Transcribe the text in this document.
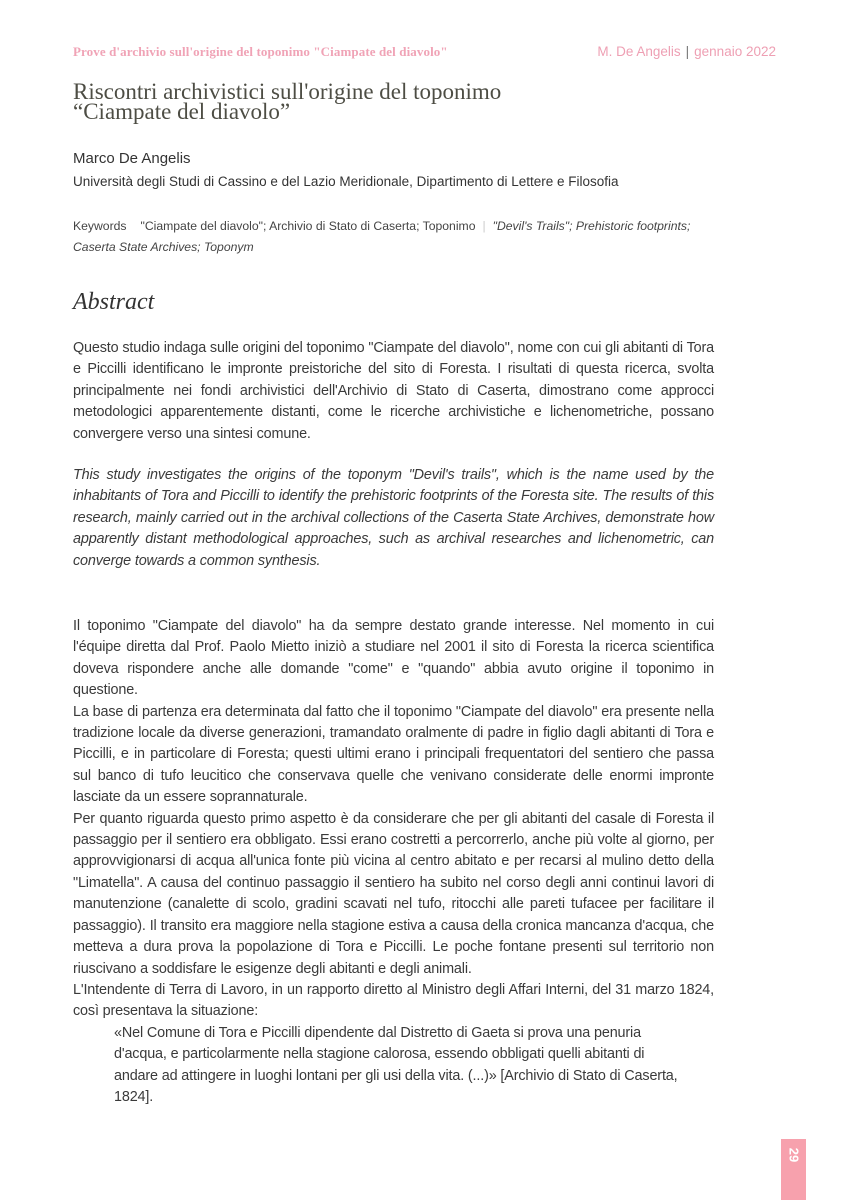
Prove d'archivio sull'origine del toponimo "Ciampate del diavolo"	M. De Angelis | gennaio 2022
Riscontri archivistici sull'origine del toponimo
“Ciampate del diavolo”
Marco De Angelis
Università degli Studi di Cassino e del Lazio Meridionale, Dipartimento di Lettere e Filosofia
Keywords "Ciampate del diavolo"; Archivio di Stato di Caserta; Toponimo | "Devil's Trails"; Prehistoric footprints; Caserta State Archives; Toponym
Abstract
Questo studio indaga sulle origini del toponimo "Ciampate del diavolo", nome con cui gli abitanti di Tora e Piccilli identificano le impronte preistoriche del sito di Foresta. I risultati di questa ricerca, svolta principalmente nei fondi archivistici dell'Archivio di Stato di Caserta, dimostrano come approcci metodologici apparentemente distanti, come le ricerche archivistiche e lichenometriche, possano convergere verso una sintesi comune.
This study investigates the origins of the toponym "Devil's trails", which is the name used by the inhabitants of Tora and Piccilli to identify the prehistoric footprints of the Foresta site. The results of this research, mainly carried out in the archival collections of the Caserta State Archives, demonstrate how apparently distant methodological approaches, such as archival researches and lichenometric, can converge towards a common synthesis.

Il toponimo "Ciampate del diavolo" ha da sempre destato grande interesse. Nel momento in cui l'équipe diretta dal Prof. Paolo Mietto iniziò a studiare nel 2001 il sito di Foresta la ricerca scientifica doveva rispondere anche alle domande "come" e "quando" abbia avuto origine il toponimo in questione.

La base di partenza era determinata dal fatto che il toponimo "Ciampate del diavolo" era presente nella tradizione locale da diverse generazioni, tramandato oralmente di padre in figlio dagli abitanti di Tora e Piccilli, e in particolare di Foresta; questi ultimi erano i principali frequentatori del sentiero che passa sul banco di tufo leucitico che conservava quelle che venivano considerate delle enormi impronte lasciate da un essere soprannaturale.

Per quanto riguarda questo primo aspetto è da considerare che per gli abitanti del casale di Foresta il passaggio per il sentiero era obbligato. Essi erano costretti a percorrerlo, anche più volte al giorno, per approvvigionarsi di acqua all'unica fonte più vicina al centro abitato e per recarsi al mulino detto della "Limatella". A causa del continuo passaggio il sentiero ha subito nel corso degli anni continui lavori di manutenzione (canalette di scolo, gradini scavati nel tufo, ritocchi alle pareti tufacee per facilitare il passaggio). Il transito era maggiore nella stagione estiva a causa della cronica mancanza d'acqua, che metteva a dura prova la popolazione di Tora e Piccilli. Le poche fontane presenti sul territorio non riuscivano a soddisfare le esigenze degli abitanti e degli animali.

L'Intendente di Terra di Lavoro, in un rapporto diretto al Ministro degli Affari Interni, del 31 marzo 1824, così presentava la situazione:

«Nel Comune di Tora e Piccilli dipendente dal Distretto di Gaeta si prova una penuria d'acqua, e particolarmente nella stagione calorosa, essendo obbligati quelli abitanti di andare ad attingere in luoghi lontani per gli usi della vita. (...)» [Archivio di Stato di Caserta, 1824].

29
